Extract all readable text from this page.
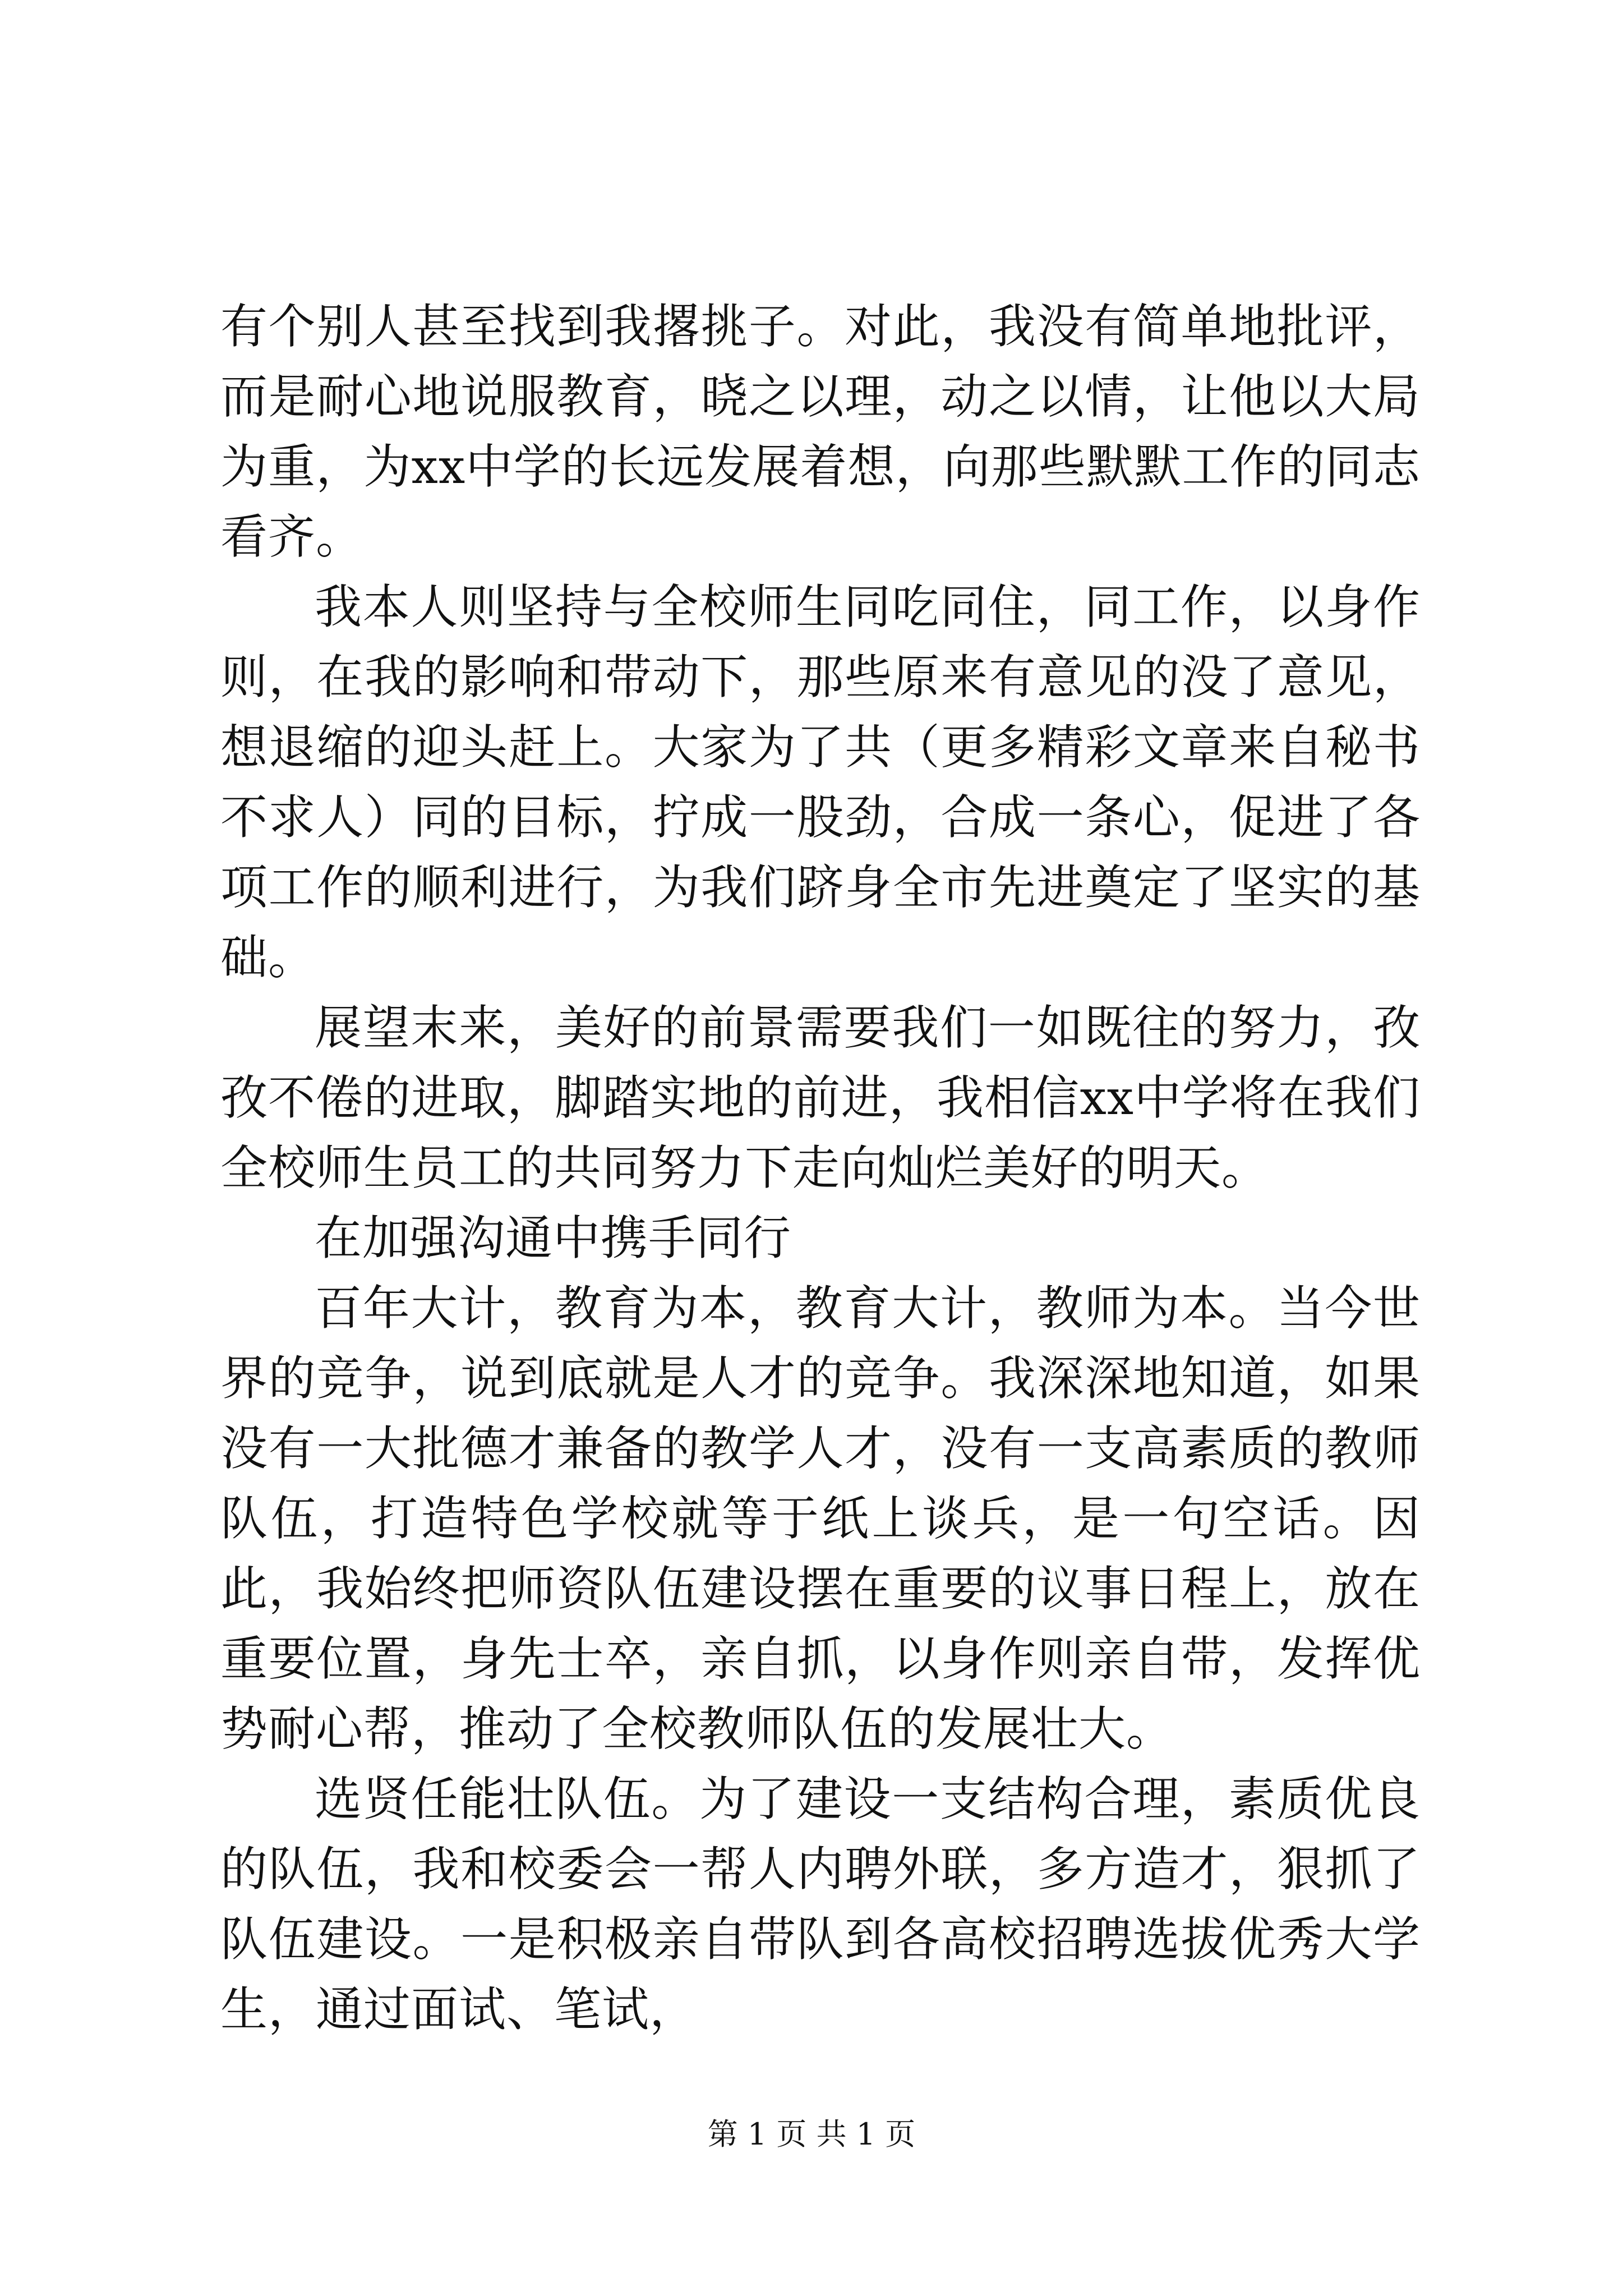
有个别人甚至找到我撂挑子。对此，我没有简单地批评，而是耐心地说服教育，晓之以理，动之以情，让他以大局为重，为xx中学的长远发展着想，向那些默默工作的同志看齐。

我本人则坚持与全校师生同吃同住，同工作，以身作则，在我的影响和带动下，那些原来有意见的没了意见，想退缩的迎头赶上。大家为了共（更多精彩文章来自秘书不求人）同的目标，拧成一股劲，合成一条心，促进了各项工作的顺利进行，为我们跻身全市先进奠定了坚实的基础。

展望末来，美好的前景需要我们一如既往的努力，孜孜不倦的进取，脚踏实地的前进，我相信xx中学将在我们全校师生员工的共同努力下走向灿烂美好的明天。

在加强沟通中携手同行

百年大计，教育为本，教育大计，教师为本。当今世界的竞争，说到底就是人才的竞争。我深深地知道，如果没有一大批德才兼备的教学人才，没有一支高素质的教师队伍，打造特色学校就等于纸上谈兵，是一句空话。因此，我始终把师资队伍建设摆在重要的议事日程上，放在重要位置，身先士卒，亲自抓，以身作则亲自带，发挥优势耐心帮，推动了全校教师队伍的发展壮大。

选贤任能壮队伍。为了建设一支结构合理，素质优良的队伍，我和校委会一帮人内聘外联，多方造才，狠抓了队伍建设。一是积极亲自带队到各高校招聘选拔优秀大学生，通过面试、笔试，

第 1 页 共 1 页
